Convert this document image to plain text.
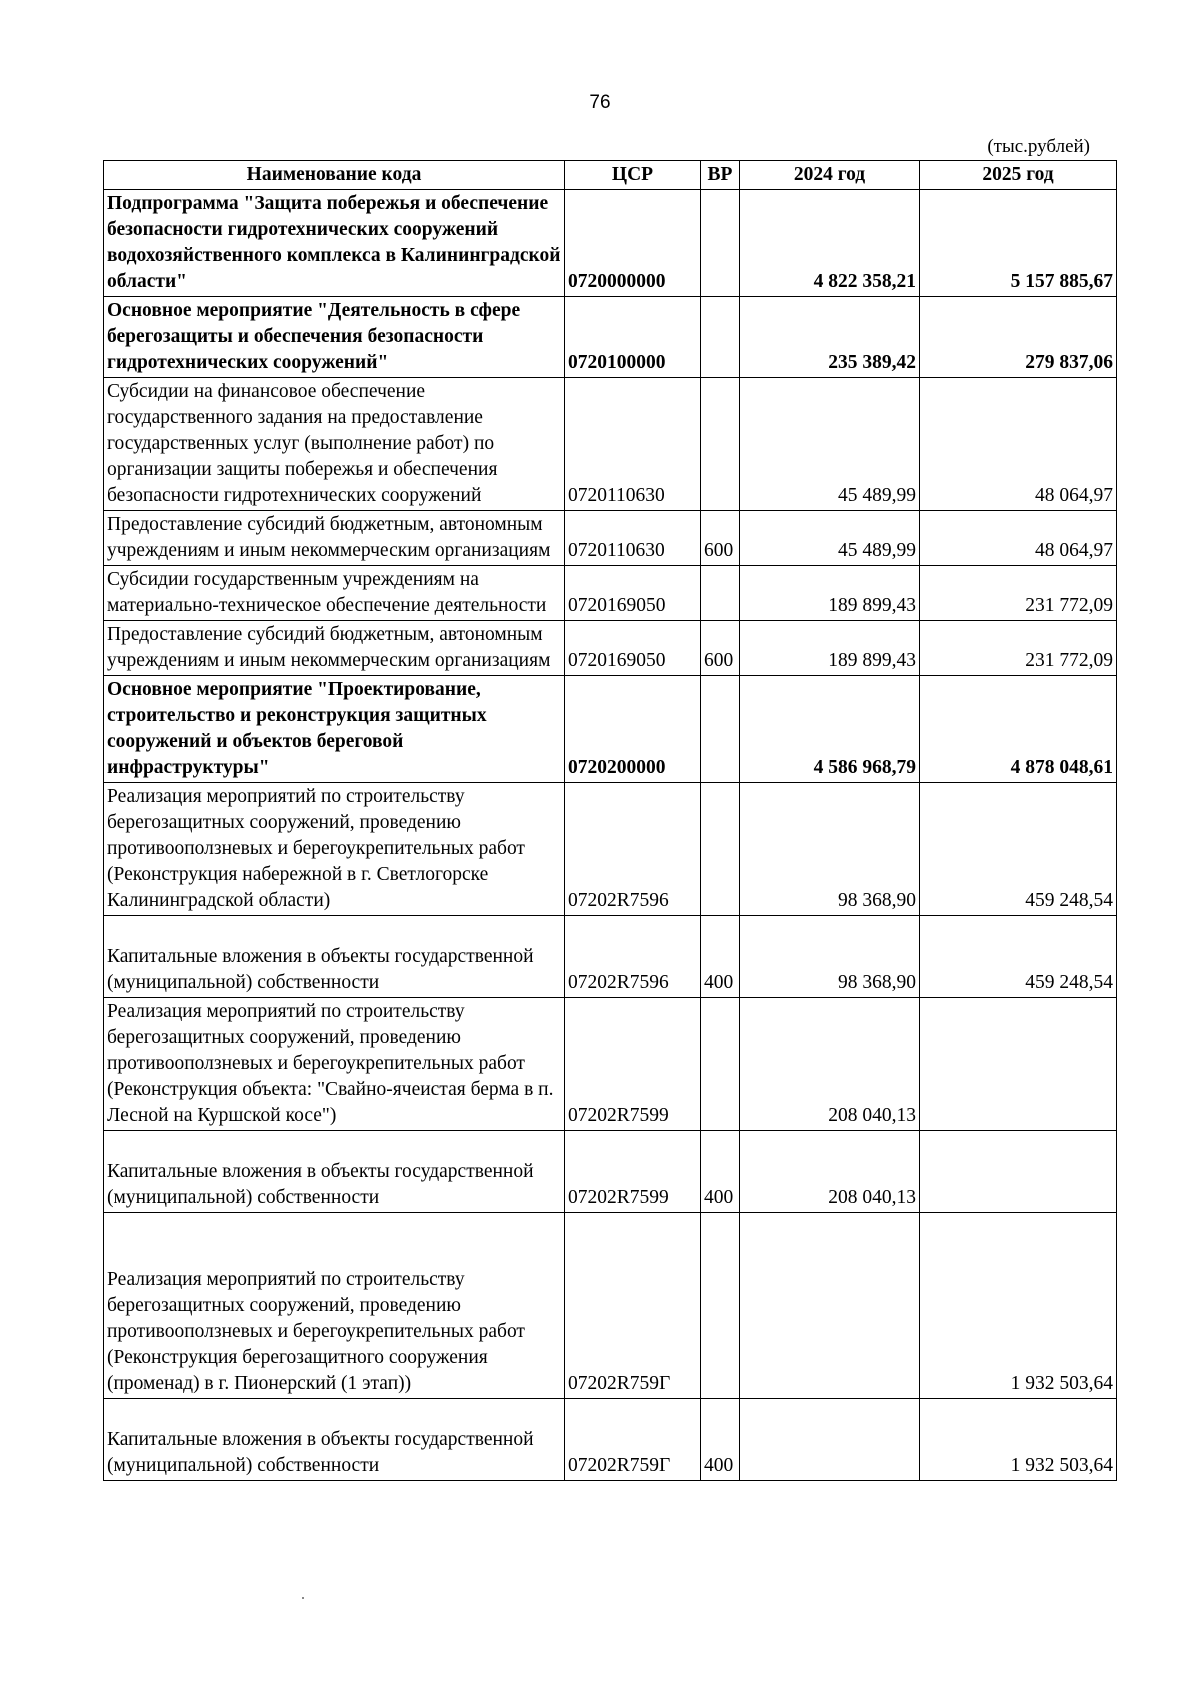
76
(тыс.рублей)
Наименование кода	ЦСР	ВР	2024 год	2025 год
Подпрограмма "Защита побережья и обеспечение безопасности гидротехнических сооружений водохозяйственного комплекса в Калининградской области"	0720000000		4 822 358,21	5 157 885,67
Основное мероприятие "Деятельность в сфере берегозащиты и обеспечения безопасности гидротехнических сооружений"	0720100000		235 389,42	279 837,06
Субсидии на финансовое обеспечение государственного задания на предоставление государственных услуг (выполнение работ) по организации защиты побережья и обеспечения безопасности гидротехнических сооружений	0720110630		45 489,99	48 064,97
Предоставление субсидий бюджетным, автономным учреждениям и иным некоммерческим организациям	0720110630	600	45 489,99	48 064,97
Субсидии государственным учреждениям на материально-техническое обеспечение деятельности	0720169050		189 899,43	231 772,09
Предоставление субсидий бюджетным, автономным учреждениям и иным некоммерческим организациям	0720169050	600	189 899,43	231 772,09
Основное мероприятие "Проектирование, строительство и реконструкция защитных сооружений и объектов береговой инфраструктуры"	0720200000		4 586 968,79	4 878 048,61
Реализация мероприятий по строительству берегозащитных сооружений, проведению противооползневых и берегоукрепительных работ (Реконструкция набережной в г. Светлогорске Калининградской области)	07202R7596		98 368,90	459 248,54
Капитальные вложения в объекты государственной (муниципальной) собственности	07202R7596	400	98 368,90	459 248,54
Реализация мероприятий по строительству берегозащитных сооружений, проведению противооползневых и берегоукрепительных работ (Реконструкция объекта: "Свайно-ячеистая берма в п. Лесной на Куршской косе")	07202R7599		208 040,13	
Капитальные вложения в объекты государственной (муниципальной) собственности	07202R7599	400	208 040,13	
Реализация мероприятий по строительству берегозащитных сооружений, проведению противооползневых и берегоукрепительных работ (Реконструкция берегозащитного сооружения (променад) в г. Пионерский (1 этап))	07202R759Г			1 932 503,64
Капитальные вложения в объекты государственной (муниципальной) собственности	07202R759Г	400		1 932 503,64
